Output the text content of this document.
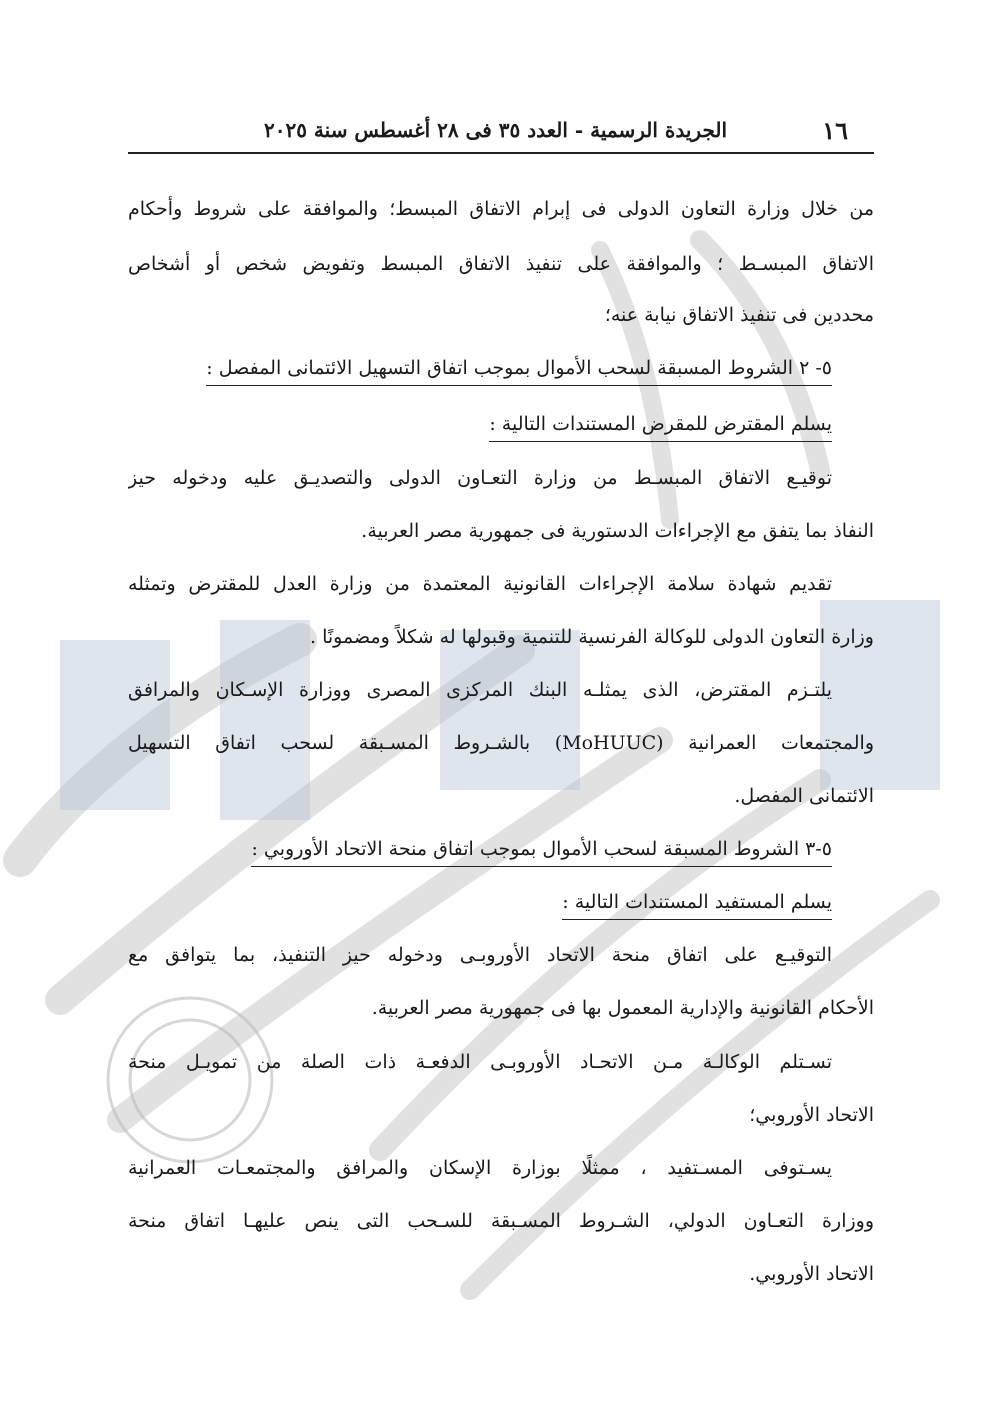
١٦
الجريدة الرسمية - العدد ٣٥ فى ٢٨ أغسطس سنة ٢٠٢٥
من خلال وزارة التعاون الدولى فى إبرام الاتفاق المبسط؛ والموافقة على شروط وأحكام
الاتفاق المبسـط ؛ والموافقة على تنفيذ الاتفاق المبسط وتفويض شخص أو أشخاص
محددين فى تنفيذ الاتفاق نيابة عنه؛
٥- ٢ الشروط المسبقة لسحب الأموال بموجب اتفاق التسهيل الائتمانى المفصل :
يسلم المقترض للمقرض المستندات التالية :
توقيـع الاتفاق المبسـط من وزارة التعـاون الدولى والتصديـق عليه ودخوله حيز
النفاذ بما يتفق مع الإجراءات الدستورية فى جمهورية مصر العربية.
تقديم شهادة سلامة الإجراءات القانونية المعتمدة من وزارة العدل للمقترض وتمثله
وزارة التعاون الدولى للوكالة الفرنسية للتنمية وقبولها له شكلاً ومضمونًا .
يلتـزم المقترض، الذى يمثلـه البنك المركزى المصرى ووزارة الإسـكان والمرافق
والمجتمعات العمرانية (MoHUUC) بالشـروط المسـبقة لسحب اتفاق التسهيل
الائتمانى المفصل.
٥-٣ الشروط المسبقة لسحب الأموال بموجب اتفاق منحة الاتحاد الأوروبي :
يسلم المستفيد المستندات التالية :
التوقيـع على اتفاق منحة الاتحاد الأوروبـى ودخوله حيز التنفيذ، بما يتوافق مع
الأحكام القانونية والإدارية المعمول بها فى جمهورية مصر العربية.
تسـتلم الوكالـة مـن الاتحـاد الأوروبـى الدفعـة ذات الصلة من تمويـل منحة
الاتحاد الأوروبي؛
يسـتوفى المسـتفيد ، ممثلًا بوزارة الإسكان والمرافق والمجتمعـات العمرانية
ووزارة التعـاون الدولي، الشـروط المسـبقة للسـحب التى ينص عليهـا اتفاق منحة
الاتحاد الأوروبي.
